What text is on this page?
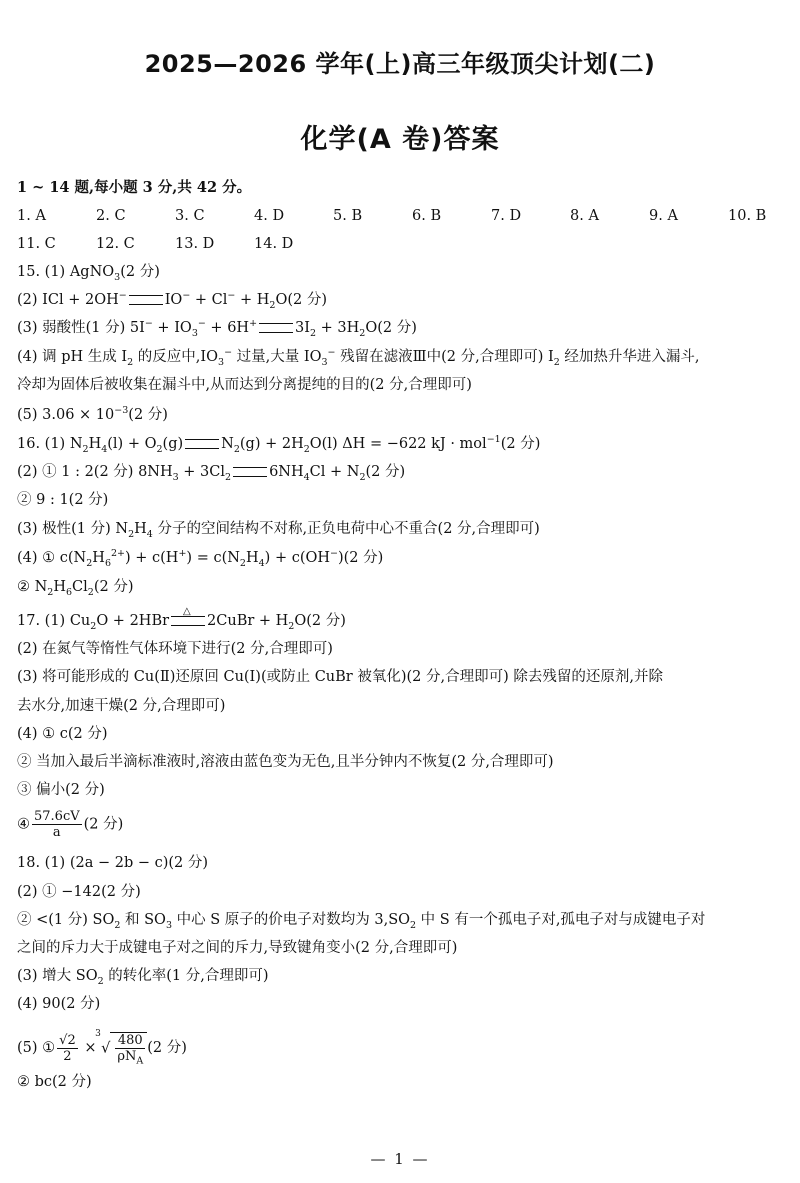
2025—2026 学年(上)高三年级顶尖计划(二)
化学(A 卷)答案
1 ~ 14 题,每小题 3 分,共 42 分。
1. A	2. C	3. C	4. D	5. B	6. B	7. D	8. A	9. A	10. B
11. C	12. C	13. D	14. D
15. (1) AgNO$_3$(2 分)
(2) ICl + 2OH−	$IO^- + Cl^- + H_2O(2$ 分)
(3) 弱酸性(1 分) $5I^- + IO_3^- + 6H^+$	$3I_2 + 3H_2O(2$ 分)
(4) 调 pH 生成 $I_2$ 的反应中$,IO_3^-$ 过量,大量 $IO_3^-$ 残留在滤液Ⅲ中(2 分,合理即可) $I_2$ 经加热升华进入漏斗,
冷却为固体后被收集在漏斗中,从而达到分离提纯的目的(2 分,合理即可)
(5) $3.06 \times 10^{-3}(2$ 分)
16. (1) $N_2H_4(l) + O_2(g)$	$N_2(g) + 2H_2O(l) \Delta H = -622$ kJ · mol$^{-1}$(2 分)
(2) ① 1 : 2(2 分) $8NH_3 + 3Cl_2$	$6NH_4Cl + N_2(2$ 分)
② 9 : 1(2 分)
(3) 极性(1 分) $N_2H_4$ 分子的空间结构不对称,正负电荷中心不重合(2 分,合理即可)
(4) ① $c(N_2H_6^{2+}) + c(H^+) = c(N_2H_4) + c(OH^-)(2$ 分)
② $N_2H_6Cl_2(2$ 分)
17. (1) $Cu_2O + 2HBr$
△
2CuBr + $H_2O(2$ 分)
(2) 在氮气等惰性气体环境下进行(2 分,合理即可)
(3) 将可能形成的 Cu(Ⅱ)还原回 Cu(Ⅰ)(或防止 CuBr 被氧化)(2 分,合理即可) 除去残留的还原剂,并除
去水分,加速干燥(2 分,合理即可)
(4) ① c(2 分)
② 当加入最后半滴标准液时,溶液由蓝色变为无色,且半分钟内不恢复(2 分,合理即可)
③ 偏小(2 分)
④ $\frac{57.6cV}{a} (2$ 分)
18. (1) (2a − 2b − c)(2 分)
(2) ① −142(2 分)
② <(1 分) $SO_2$ 和 $SO_3$ 中心 S 原子的价电子对数均为 $3,SO_2$ 中 S 有一个孤电子对,孤电子对与成键电子对
之间的斥力大于成键电子对之间的斥力,导致键角变小(2 分,合理即可)
(3) 增大 $SO_2$ 的转化率(1 分,合理即可)
(4) 90(2 分)
(5) ① $\frac{√2}{2}$ ×
3
√ $\frac{480}{\rho N_A} (2$ 分)
② bc(2 分)
— 1 —
